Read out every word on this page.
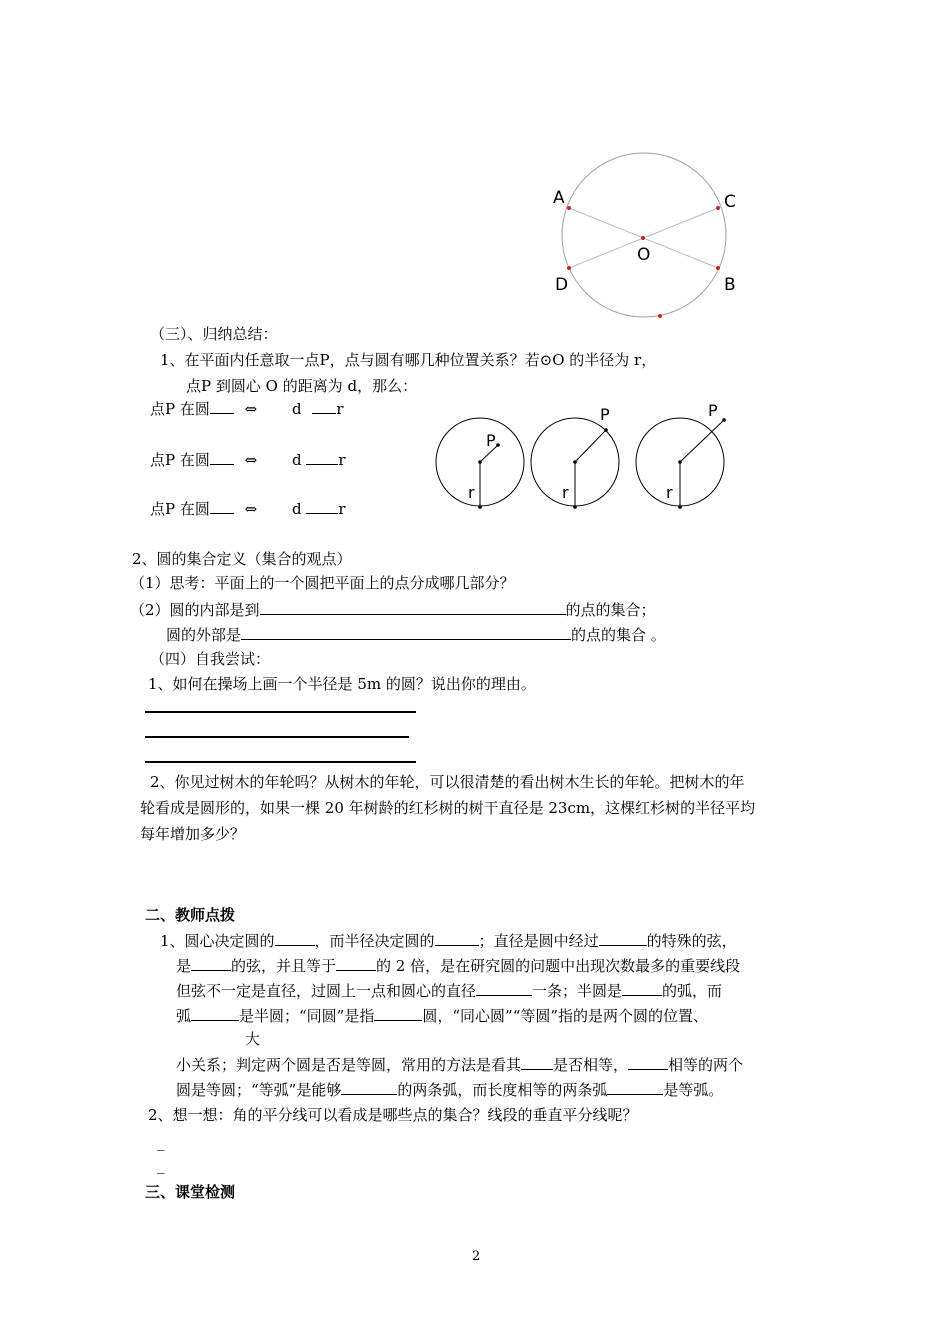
A	C
O
D	B
P
r
P
r
P
r
（三）、归纳总结：
1、在平面内任意取一点P，点与圆有哪几种位置关系？若⊙O 的半径为 r，
点P 到圆心 O 的距离为 d，那么：
点P 在圆 ⇔ d r
点P 在圆 ⇔ d r
点P 在圆 ⇔ d r
2、圆的集合定义（集合的观点）
（1）思考：平面上的一个圆把平面上的点分成哪几部分？
（2）圆的内部是到	的点的集合；
圆的外部是	的点的集合 。
（四）自我尝试：
1、如何在操场上画一个半径是 5m 的圆？说出你的理由。
2、你见过树木的年轮吗？从树木的年轮，可以很清楚的看出树木生长的年轮。把树木的年
轮看成是圆形的，如果一棵 20 年树龄的红杉树的树干直径是 23cm，这棵红杉树的半径平均
每年增加多少？
二、教师点拨
1、圆心决定圆的	，而半径决定圆的	；直径是圆中经过	的特殊的弦，
是	的弦，并且等于	的 2 倍，是在研究圆的问题中出现次数最多的重要线段
但弦不一定是直径，过圆上一点和圆心的直径	一条；半圆是	的弧，而
弧	是半圆；“同圆”是指	圆，“同心圆”“等圆”指的是两个圆的位置、
大
小关系；判定两个圆是否是等圆，常用的方法是看其 是否相等，	相等的两个
圆是等圆；“等弧”是能够	的两条弧，而长度相等的两条弧	是等弧。
2、想一想：角的平分线可以看成是哪些点的集合？线段的垂直平分线呢？
_
_
三、课堂检测
2
